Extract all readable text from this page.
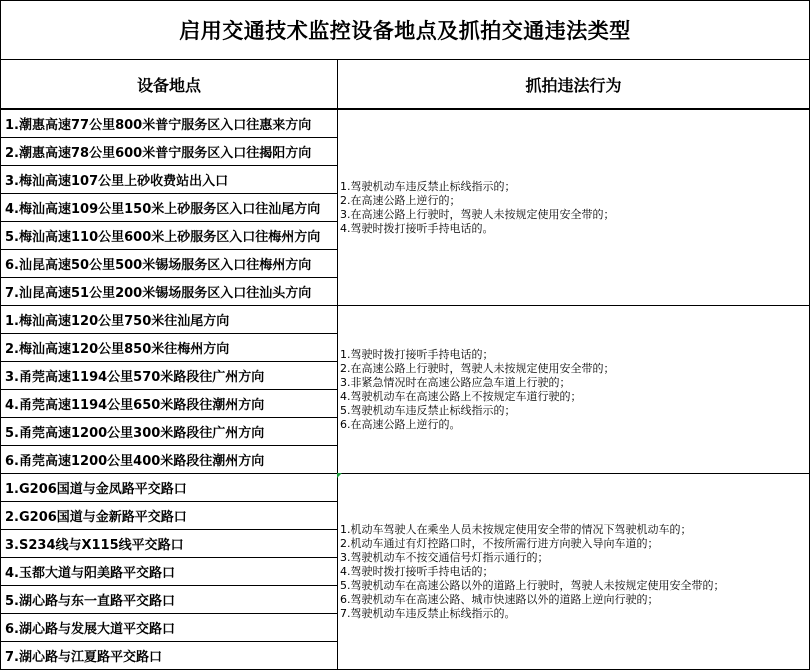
启用交通技术监控设备地点及抓拍交通违法类型
设备地点	抓拍违法行为
1.潮惠高速77公里800米普宁服务区入口往惠来方向
2.潮惠高速78公里600米普宁服务区入口往揭阳方向
3.梅汕高速107公里上砂收费站出入口
4.梅汕高速109公里150米上砂服务区入口往汕尾方向
5.梅汕高速110公里600米上砂服务区入口往梅州方向
6.汕昆高速50公里500米锡场服务区入口往梅州方向
7.汕昆高速51公里200米锡场服务区入口往汕头方向
1.驾驶机动车违反禁止标线指示的；
2.在高速公路上逆行的；
3.在高速公路上行驶时，驾驶人未按规定使用安全带的；
4.驾驶时拨打接听手持电话的。
1.梅汕高速120公里750米往汕尾方向
2.梅汕高速120公里850米往梅州方向
3.甬莞高速1194公里570米路段往广州方向
4.甬莞高速1194公里650米路段往潮州方向
5.甬莞高速1200公里300米路段往广州方向
6.甬莞高速1200公里400米路段往潮州方向
1.驾驶时拨打接听手持电话的；
2.在高速公路上行驶时，驾驶人未按规定使用安全带的；
3.非紧急情况时在高速公路应急车道上行驶的；
4.驾驶机动车在高速公路上不按规定车道行驶的；
5.驾驶机动车违反禁止标线指示的；
6.在高速公路上逆行的。
1.G206国道与金凤路平交路口
2.G206国道与金新路平交路口
3.S234线与X115线平交路口
4.玉都大道与阳美路平交路口
5.湖心路与东一直路平交路口
6.湖心路与发展大道平交路口
7.湖心路与江夏路平交路口
1.机动车驾驶人在乘坐人员未按规定使用安全带的情况下驾驶机动车的；
2.机动车通过有灯控路口时，不按所需行进方向驶入导向车道的；
3.驾驶机动车不按交通信号灯指示通行的；
4.驾驶时拨打接听手持电话的；
5.驾驶机动车在高速公路以外的道路上行驶时，驾驶人未按规定使用安全带的；
6.驾驶机动车在高速公路、城市快速路以外的道路上逆向行驶的；
7.驾驶机动车违反禁止标线指示的。
